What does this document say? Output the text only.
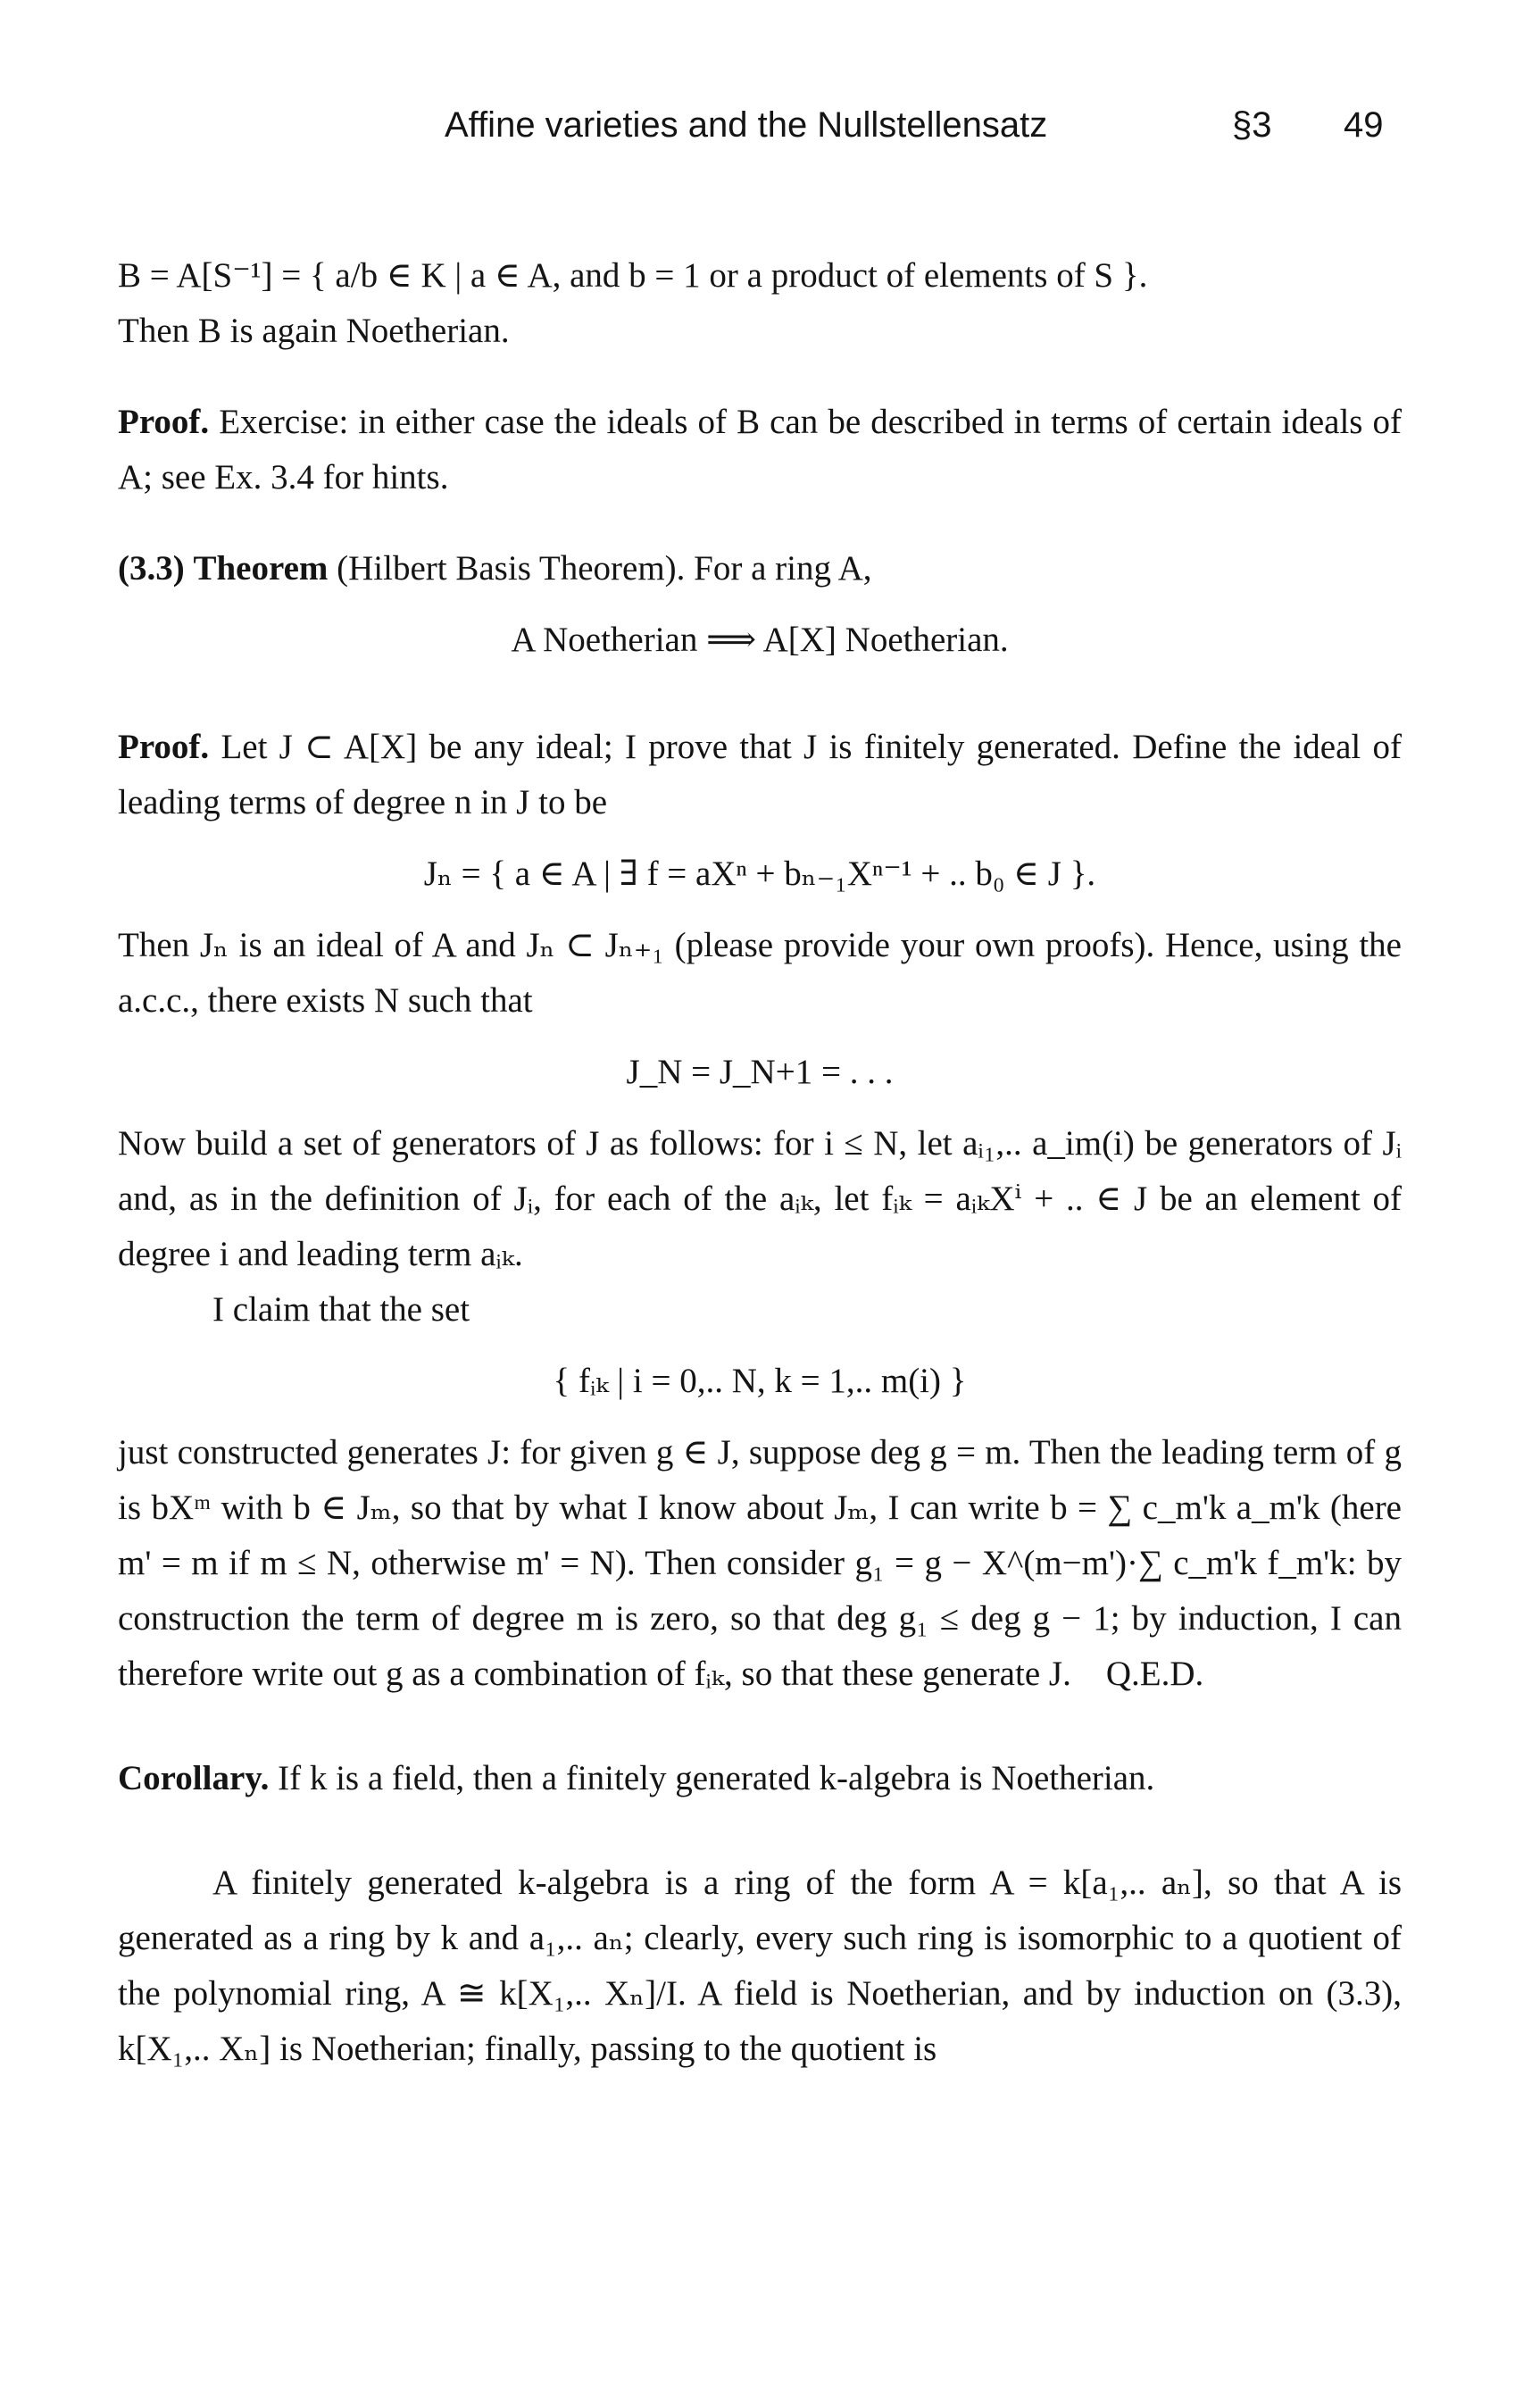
Affine varieties and the Nullstellensatz	§3 49

B = A[S⁻¹] = { a/b ∈ K | a ∈ A, and b = 1 or a product of elements of S }.

Then B is again Noetherian.

Proof. Exercise: in either case the ideals of B can be described in terms of certain ideals of A; see Ex. 3.4 for hints.

(3.3) Theorem (Hilbert Basis Theorem). For a ring A,

A Noetherian ⟹ A[X] Noetherian.

Proof. Let J ⊂ A[X] be any ideal; I prove that J is finitely generated. Define the ideal of leading terms of degree n in J to be

Jₙ = { a ∈ A | ∃ f = aXⁿ + bₙ₋₁Xⁿ⁻¹ + .. b₀ ∈ J }.

Then Jₙ is an ideal of A and Jₙ ⊂ Jₙ₊₁ (please provide your own proofs). Hence, using the a.c.c., there exists N such that

J_N = J_N+1 = . . .

Now build a set of generators of J as follows: for i ≤ N, let aᵢ₁,.. a_im(i) be generators of Jᵢ and, as in the definition of Jᵢ, for each of the aᵢₖ, let fᵢₖ = aᵢₖXⁱ + .. ∈ J be an element of degree i and leading term aᵢₖ.

I claim that the set

{ fᵢₖ | i = 0,.. N, k = 1,.. m(i) }

just constructed generates J: for given g ∈ J, suppose deg g = m. Then the leading term of g is bXᵐ with b ∈ Jₘ, so that by what I know about Jₘ, I can write b = ∑ c_m'k a_m'k (here m' = m if m ≤ N, otherwise m' = N). Then consider g₁ = g − X^(m−m')·∑ c_m'k f_m'k: by construction the term of degree m is zero, so that deg g₁ ≤ deg g − 1; by induction, I can therefore write out g as a combination of fᵢₖ, so that these generate J. Q.E.D.

Corollary. If k is a field, then a finitely generated k-algebra is Noetherian.

A finitely generated k-algebra is a ring of the form A = k[a₁,.. aₙ], so that A is generated as a ring by k and a₁,.. aₙ; clearly, every such ring is isomorphic to a quotient of the polynomial ring, A ≅ k[X₁,.. Xₙ]/I. A field is Noetherian, and by induction on (3.3), k[X₁,.. Xₙ] is Noetherian; finally, passing to the quotient is
